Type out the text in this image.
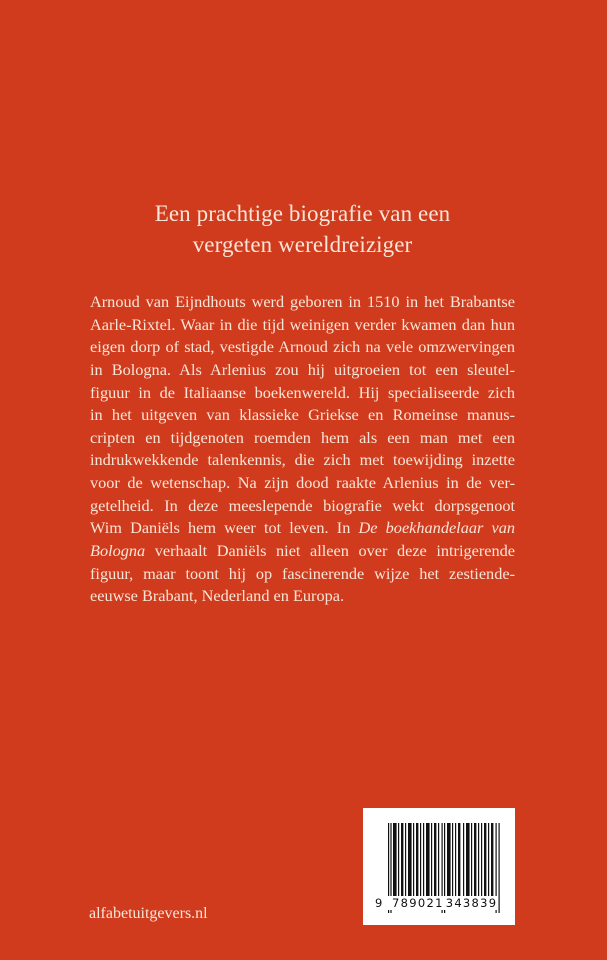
Een prachtige biografie van een
vergeten wereldreiziger
Arnoud van Eijndhouts werd geboren in 1510 in het Brabantse
Aarle-Rixtel. Waar in die tijd weinigen verder kwamen dan hun
eigen dorp of stad, vestigde Arnoud zich na vele omzwervingen
in Bologna. Als Arlenius zou hij uitgroeien tot een sleutel-
figuur in de Italiaanse boekenwereld. Hij specialiseerde zich
in het uitgeven van klassieke Griekse en Romeinse manus-
cripten en tijdgenoten roemden hem als een man met een
indrukwekkende talenkennis, die zich met toewijding inzette
voor de wetenschap. Na zijn dood raakte Arlenius in de ver-
getelheid. In deze meeslepende biografie wekt dorpsgenoot
Wim Daniëls hem weer tot leven. In De boekhandelaar van
Bologna verhaalt Daniëls niet alleen over deze intrigerende
figuur, maar toont hij op fascinerende wijze het zestiende-
eeuwse Brabant, Nederland en Europa.
alfabetuitgevers.nl
9 789021 343839
